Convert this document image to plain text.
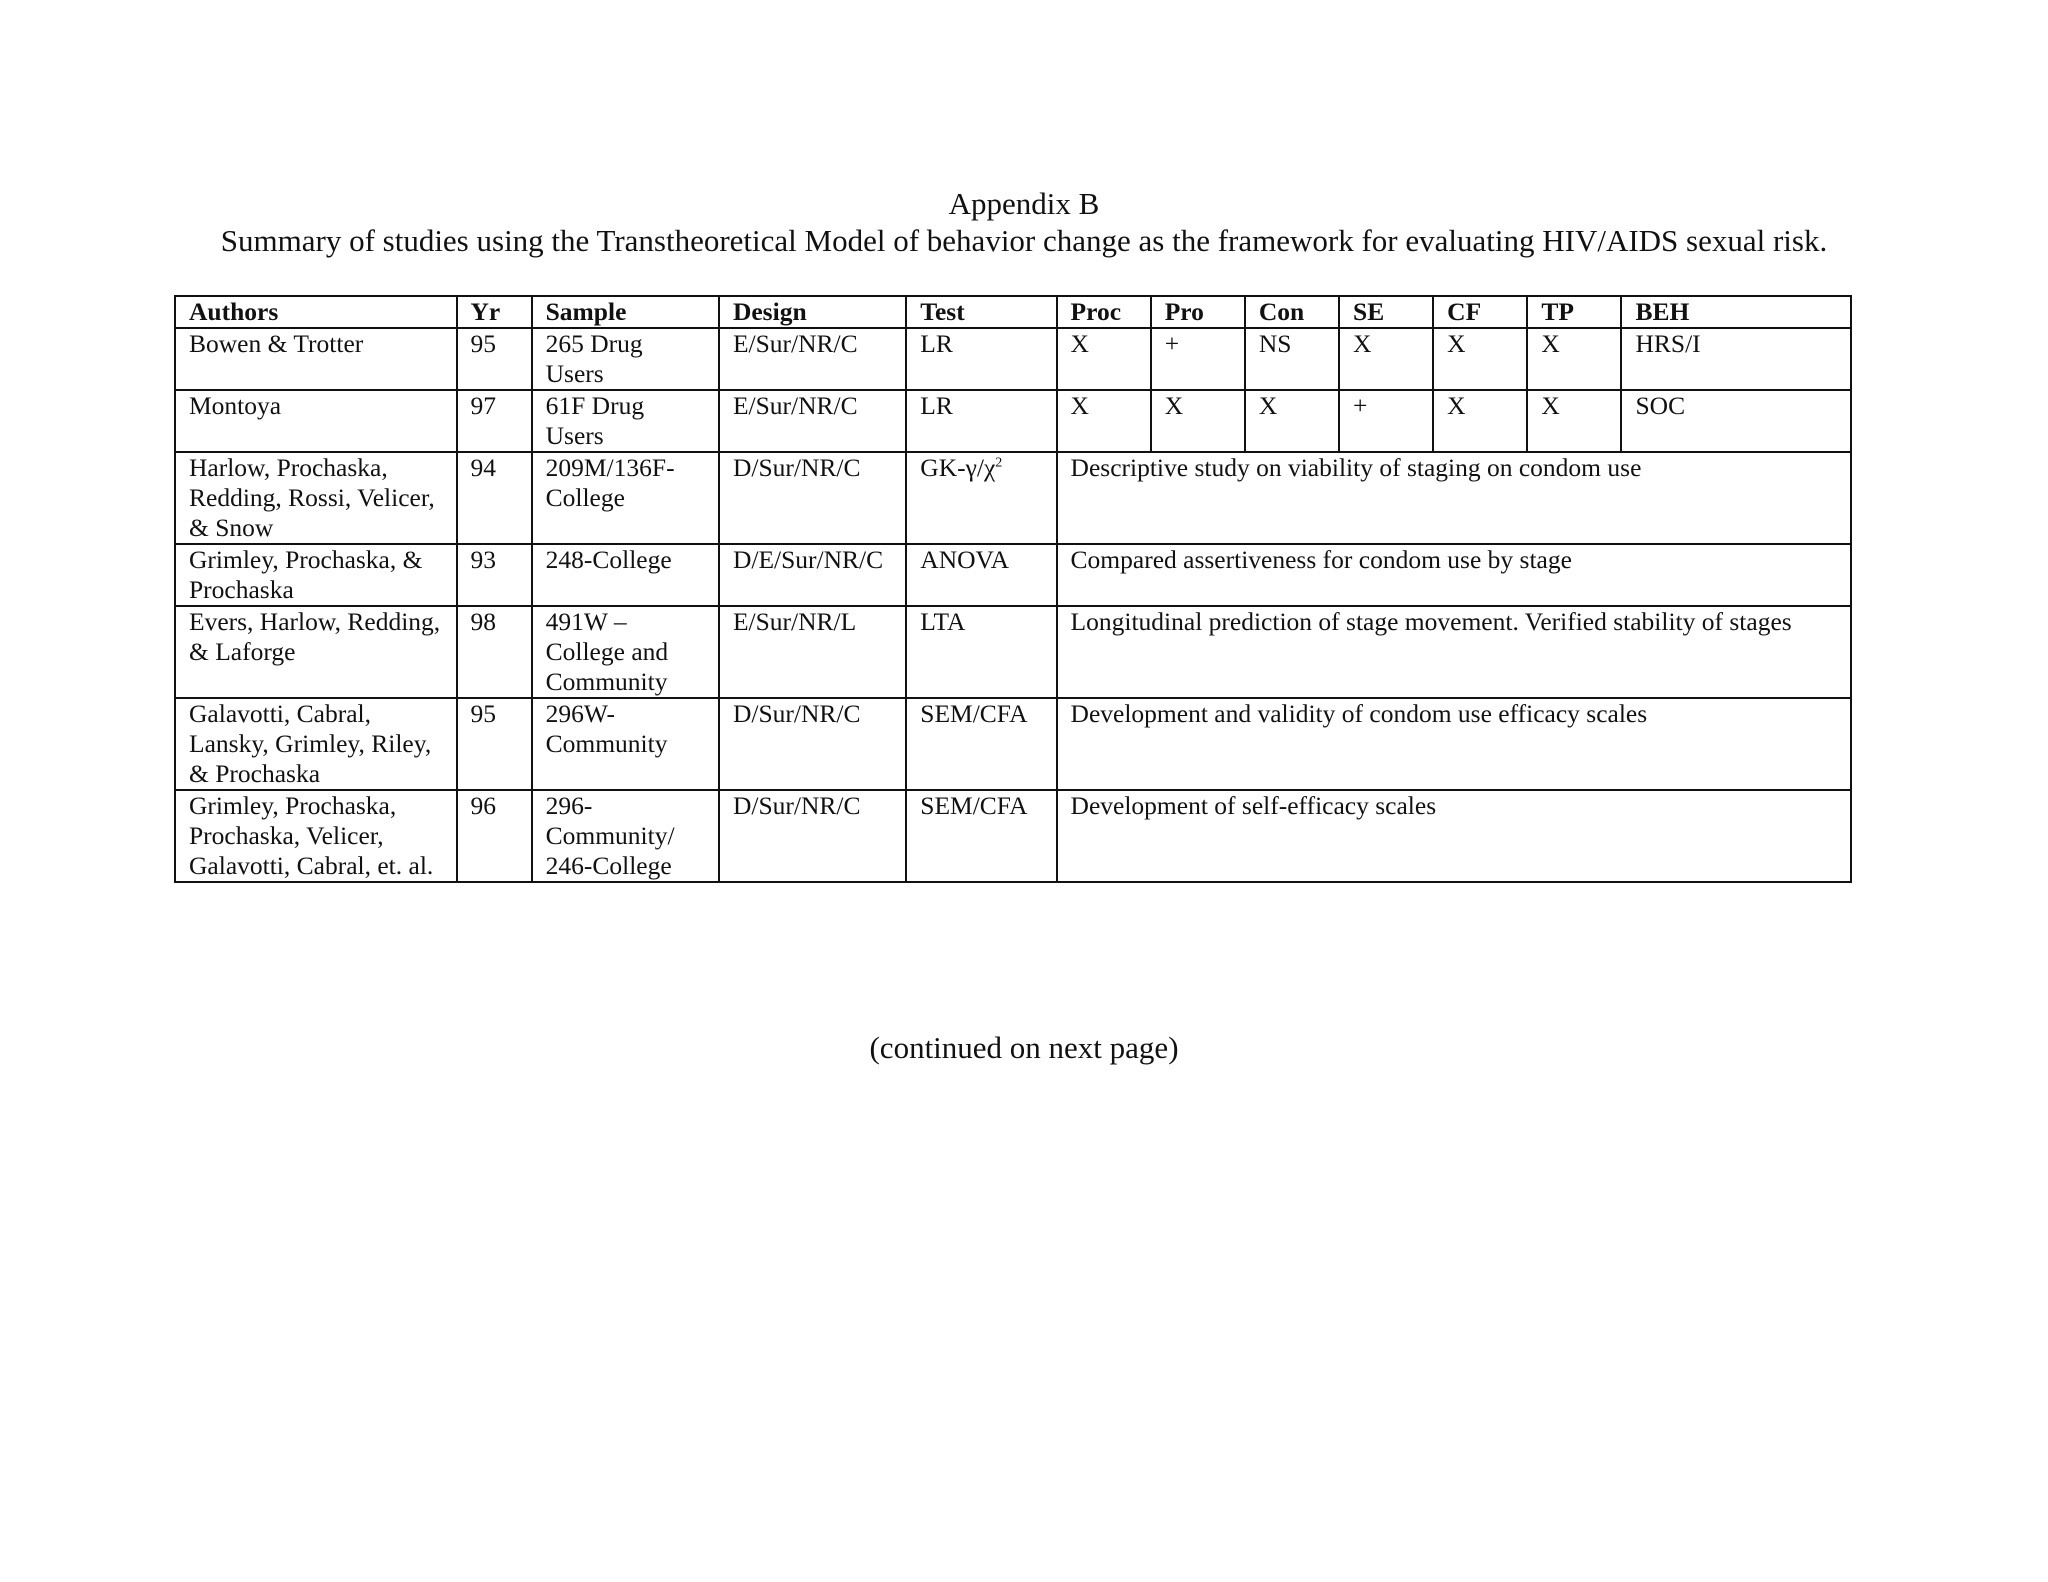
Appendix B
Summary of studies using the Transtheoretical Model of behavior change as the framework for evaluating HIV/AIDS sexual risk.
Authors	Yr	Sample	Design	Test	Proc	Pro	Con	SE	CF	TP	BEH
Bowen & Trotter	95	265 Drug Users	E/Sur/NR/C	LR	X	+	NS	X	X	X	HRS/I
Montoya	97	61F Drug Users	E/Sur/NR/C	LR	X	X	X	+	X	X	SOC
Harlow, Prochaska, Redding, Rossi, Velicer, & Snow	94	209M/136F-College	D/Sur/NR/C	$GK-\gamma/\chi^2$	Descriptive study on viability of staging on condom use						
Grimley, Prochaska, & Prochaska	93	248-College	D/E/Sur/NR/C	ANOVA	Compared assertiveness for condom use by stage						
Evers, Harlow, Redding, & Laforge	98	491W – College and Community	E/Sur/NR/L	LTA	Longitudinal prediction of stage movement. Verified stability of stages						
Galavotti, Cabral, Lansky, Grimley, Riley, & Prochaska	95	296W-Community	D/Sur/NR/C	SEM/CFA	Development and validity of condom use efficacy scales						
Grimley, Prochaska, Prochaska, Velicer, Galavotti, Cabral, et. al.	96	296-Community/ 246-College	D/Sur/NR/C	SEM/CFA	Development of self-efficacy scales						

(continued on next page)
